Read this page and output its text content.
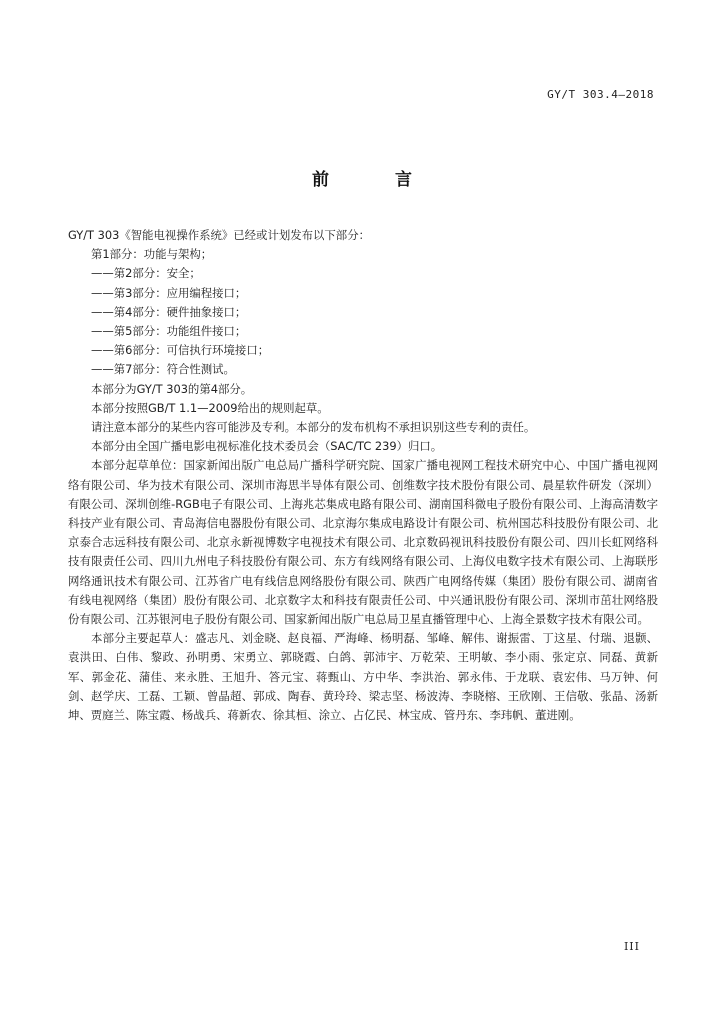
GY/T 303.4—2018
前 言

GY/T 303《智能电视操作系统》已经或计划发布以下部分：

第1部分：功能与架构；

——第2部分：安全；

——第3部分：应用编程接口；

——第4部分：硬件抽象接口；

——第5部分：功能组件接口；

——第6部分：可信执行环境接口；

——第7部分：符合性测试。

本部分为GY/T 303的第4部分。

本部分按照GB/T 1.1—2009给出的规则起草。

请注意本部分的某些内容可能涉及专利。本部分的发布机构不承担识别这些专利的责任。

本部分由全国广播电影电视标准化技术委员会（SAC/TC 239）归口。

本部分起草单位：国家新闻出版广电总局广播科学研究院、国家广播电视网工程技术研究中心、中国广播电视网络有限公司、华为技术有限公司、深圳市海思半导体有限公司、创维数字技术股份有限公司、晨星软件研发（深圳）有限公司、深圳创维-RGB电子有限公司、上海兆芯集成电路有限公司、湖南国科微电子股份有限公司、上海高清数字科技产业有限公司、青岛海信电器股份有限公司、北京海尔集成电路设计有限公司、杭州国芯科技股份有限公司、北京泰合志远科技有限公司、北京永新视博数字电视技术有限公司、北京数码视讯科技股份有限公司、四川长虹网络科技有限责任公司、四川九州电子科技股份有限公司、东方有线网络有限公司、上海仪电数字技术有限公司、上海联彤网络通讯技术有限公司、江苏省广电有线信息网络股份有限公司、陕西广电网络传媒（集团）股份有限公司、湖南省有线电视网络（集团）股份有限公司、北京数字太和科技有限责任公司、中兴通讯股份有限公司、深圳市茁壮网络股份有限公司、江苏银河电子股份有限公司、国家新闻出版广电总局卫星直播管理中心、上海全景数字技术有限公司。

本部分主要起草人：盛志凡、刘金晓、赵良福、严海峰、杨明磊、邹峰、解伟、谢振雷、丁这星、付瑞、退颢、袁洪田、白伟、黎政、孙明勇、宋勇立、郭晓霞、白鸽、郭沛宇、万乾荣、王明敏、李小雨、张定京、同磊、黄新军、郭金花、蒲佳、来永胜、王旭升、答元宝、蒋甄山、方中华、李洪治、郭永伟、于龙联、袁宏伟、马万钟、何剑、赵学庆、工磊、工颖、曾晶超、郭成、陶春、黄玲玲、梁志坚、杨波涛、李晓榕、王欣刚、王信敬、张晶、汤新坤、贾庭兰、陈宝霞、杨战兵、蒋新农、徐其桓、涂立、占亿民、林宝成、管丹东、李玮帆、董进刚。

III
